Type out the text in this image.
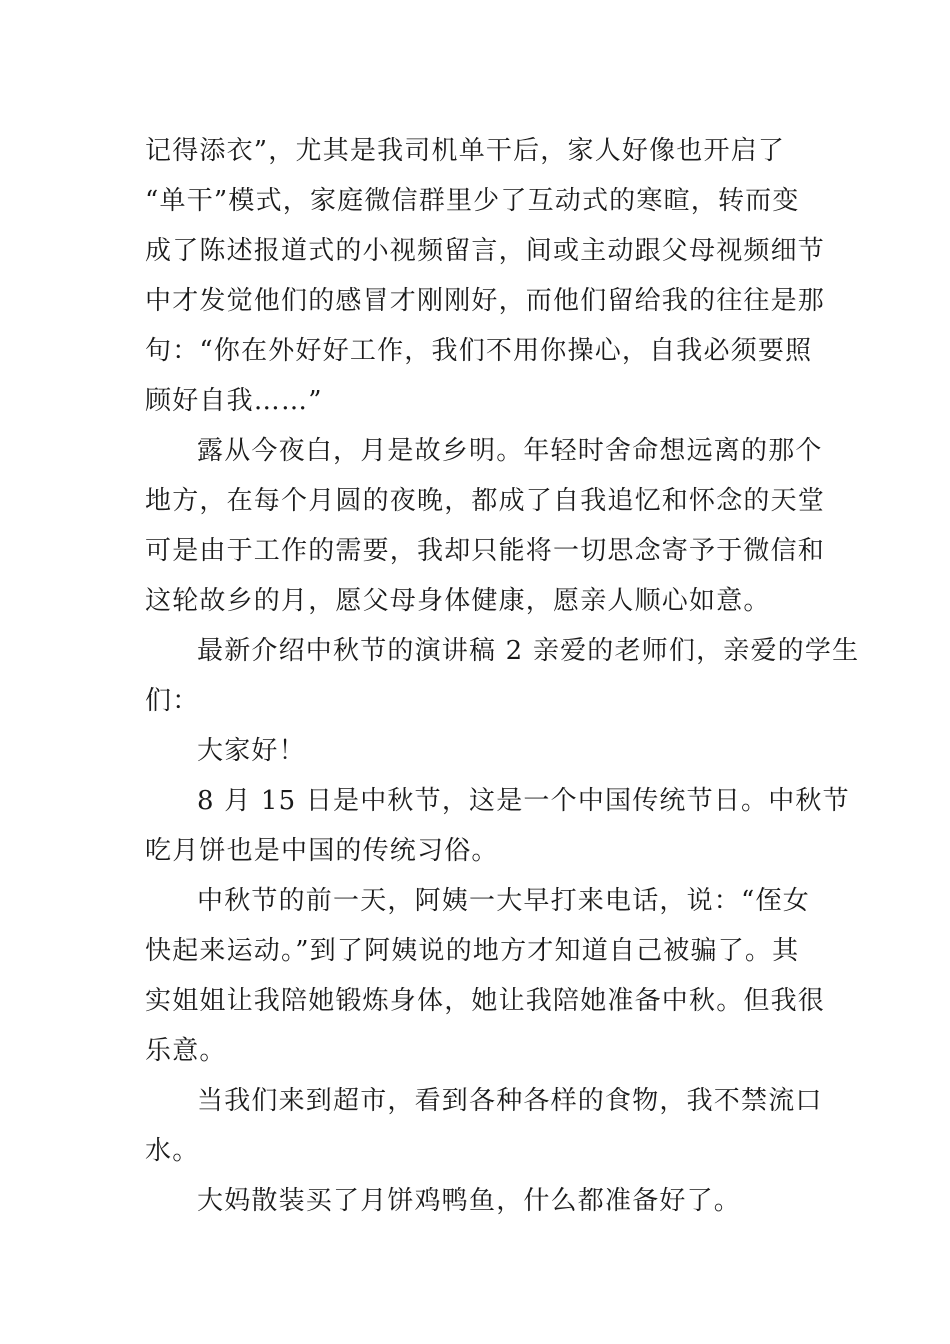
记得添衣”，尤其是我司机单干后，家人好像也开启了
“单干”模式，家庭微信群里少了互动式的寒暄，转而变
成了陈述报道式的小视频留言，间或主动跟父母视频细节
中才发觉他们的感冒才刚刚好，而他们留给我的往往是那
句：“你在外好好工作，我们不用你操心，自我必须要照
顾好自我……”
露从今夜白，月是故乡明。年轻时舍命想远离的那个
地方，在每个月圆的夜晚，都成了自我追忆和怀念的天堂
可是由于工作的需要，我却只能将一切思念寄予于微信和
这轮故乡的月，愿父母身体健康，愿亲人顺心如意。
最新介绍中秋节的演讲稿 2 亲爱的老师们，亲爱的学生
们：
大家好！
8 月 15 日是中秋节，这是一个中国传统节日。中秋节
吃月饼也是中国的传统习俗。
中秋节的前一天，阿姨一大早打来电话，说：“侄女
快起来运动。”到了阿姨说的地方才知道自己被骗了。其
实姐姐让我陪她锻炼身体，她让我陪她准备中秋。但我很
乐意。
当我们来到超市，看到各种各样的食物，我不禁流口
水。
大妈散装买了月饼鸡鸭鱼，什么都准备好了。
